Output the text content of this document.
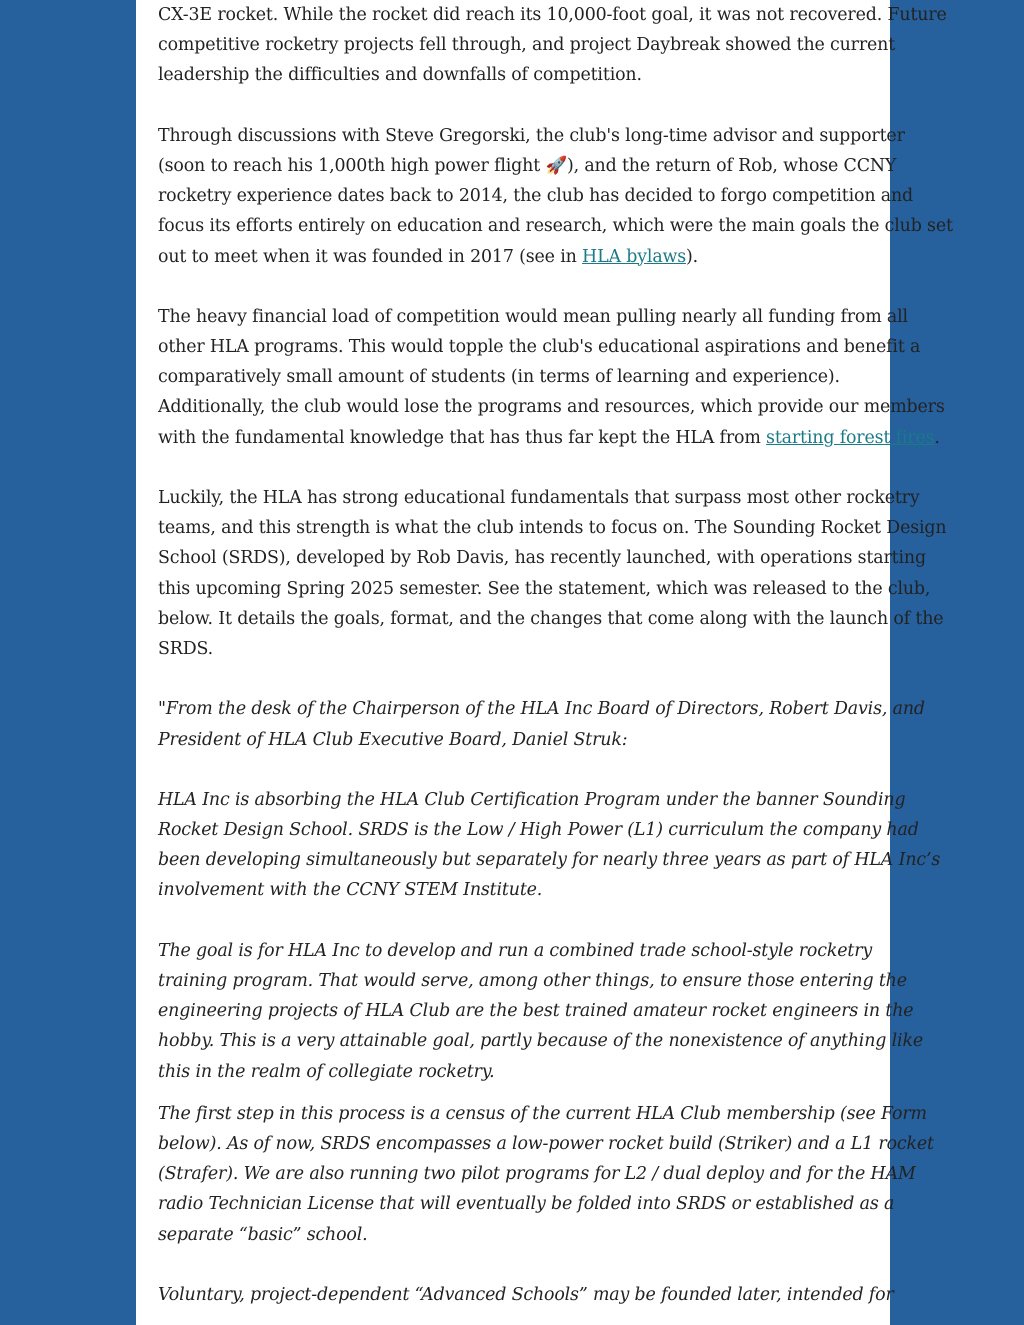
CX-3E rocket. While the rocket did reach its 10,000-foot goal, it was not recovered. Future
competitive rocketry projects fell through, and project Daybreak showed the current
leadership the difficulties and downfalls of competition.
Through discussions with Steve Gregorski, the club's long-time advisor and supporter
(soon to reach his 1,000th high power flight 🚀), and the return of Rob, whose CCNY
rocketry experience dates back to 2014, the club has decided to forgo competition and
focus its efforts entirely on education and research, which were the main goals the club set
out to meet when it was founded in 2017 (see in HLA bylaws).
The heavy financial load of competition would mean pulling nearly all funding from all
other HLA programs. This would topple the club's educational aspirations and benefit a
comparatively small amount of students (in terms of learning and experience).
Additionally, the club would lose the programs and resources, which provide our members
with the fundamental knowledge that has thus far kept the HLA from starting forest fires.
Luckily, the HLA has strong educational fundamentals that surpass most other rocketry
teams, and this strength is what the club intends to focus on. The Sounding Rocket Design
School (SRDS), developed by Rob Davis, has recently launched, with operations starting
this upcoming Spring 2025 semester. See the statement, which was released to the club,
below. It details the goals, format, and the changes that come along with the launch of the
SRDS.
"From the desk of the Chairperson of the HLA Inc Board of Directors, Robert Davis, and
President of HLA Club Executive Board, Daniel Struk:
HLA Inc is absorbing the HLA Club Certification Program under the banner Sounding
Rocket Design School. SRDS is the Low / High Power (L1) curriculum the company had
been developing simultaneously but separately for nearly three years as part of HLA Inc’s
involvement with the CCNY STEM Institute.
The goal is for HLA Inc to develop and run a combined trade school-style rocketry
training program. That would serve, among other things, to ensure those entering the
engineering projects of HLA Club are the best trained amateur rocket engineers in the
hobby. This is a very attainable goal, partly because of the nonexistence of anything like
this in the realm of collegiate rocketry.
The first step in this process is a census of the current HLA Club membership (see Form
below). As of now, SRDS encompasses a low-power rocket build (Striker) and a L1 rocket
(Strafer). We are also running two pilot programs for L2 / dual deploy and for the HAM
radio Technician License that will eventually be folded into SRDS or established as a
separate “basic” school.
Voluntary, project-dependent “Advanced Schools” may be founded later, intended for
